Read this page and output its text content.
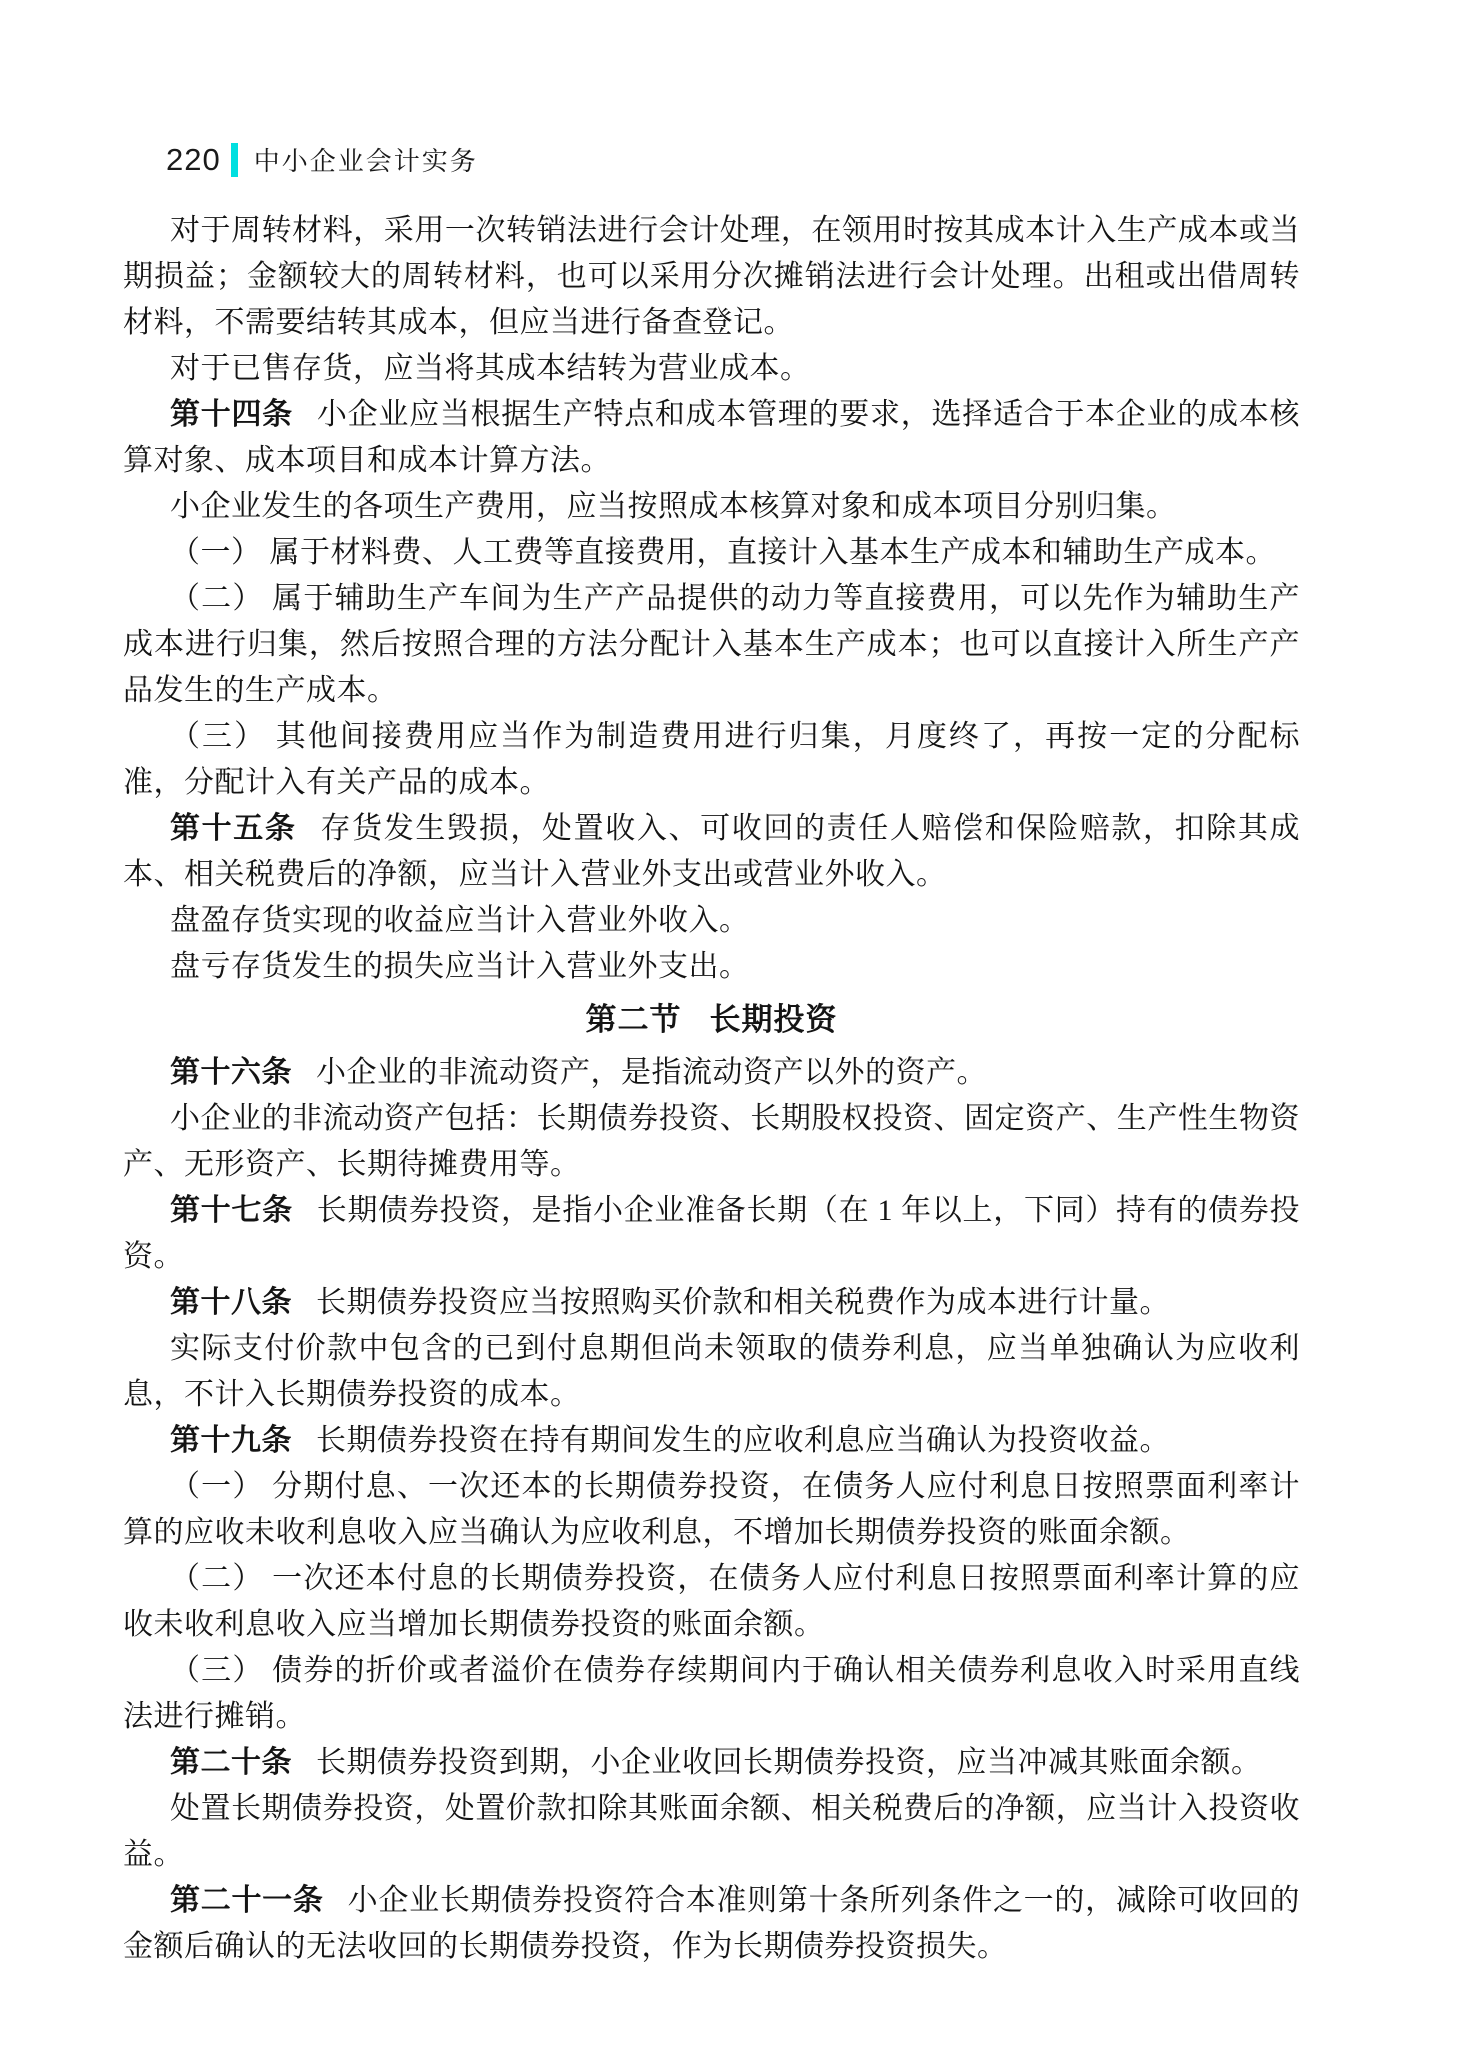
220 中小企业会计实务

对于周转材料，采用一次转销法进行会计处理，在领用时按其成本计入生产成本或当期损益；金额较大的周转材料，也可以采用分次摊销法进行会计处理。出租或出借周转材料，不需要结转其成本，但应当进行备查登记。

对于已售存货，应当将其成本结转为营业成本。

第十四条 小企业应当根据生产特点和成本管理的要求，选择适合于本企业的成本核算对象、成本项目和成本计算方法。

小企业发生的各项生产费用，应当按照成本核算对象和成本项目分别归集。

（一） 属于材料费、人工费等直接费用，直接计入基本生产成本和辅助生产成本。

（二） 属于辅助生产车间为生产产品提供的动力等直接费用，可以先作为辅助生产成本进行归集，然后按照合理的方法分配计入基本生产成本；也可以直接计入所生产产品发生的生产成本。

（三） 其他间接费用应当作为制造费用进行归集，月度终了，再按一定的分配标准，分配计入有关产品的成本。

第十五条 存货发生毁损，处置收入、可收回的责任人赔偿和保险赔款，扣除其成本、相关税费后的净额，应当计入营业外支出或营业外收入。

盘盈存货实现的收益应当计入营业外收入。

盘亏存货发生的损失应当计入营业外支出。

第二节 长期投资

第十六条 小企业的非流动资产，是指流动资产以外的资产。

小企业的非流动资产包括：长期债券投资、长期股权投资、固定资产、生产性生物资产、无形资产、长期待摊费用等。

第十七条 长期债券投资，是指小企业准备长期（在 1 年以上，下同）持有的债券投资。

第十八条 长期债券投资应当按照购买价款和相关税费作为成本进行计量。

实际支付价款中包含的已到付息期但尚未领取的债券利息，应当单独确认为应收利息，不计入长期债券投资的成本。

第十九条 长期债券投资在持有期间发生的应收利息应当确认为投资收益。

（一） 分期付息、一次还本的长期债券投资，在债务人应付利息日按照票面利率计算的应收未收利息收入应当确认为应收利息，不增加长期债券投资的账面余额。

（二） 一次还本付息的长期债券投资，在债务人应付利息日按照票面利率计算的应收未收利息收入应当增加长期债券投资的账面余额。

（三） 债券的折价或者溢价在债券存续期间内于确认相关债券利息收入时采用直线法进行摊销。

第二十条 长期债券投资到期，小企业收回长期债券投资，应当冲减其账面余额。

处置长期债券投资，处置价款扣除其账面余额、相关税费后的净额，应当计入投资收益。

第二十一条 小企业长期债券投资符合本准则第十条所列条件之一的，减除可收回的金额后确认的无法收回的长期债券投资，作为长期债券投资损失。
